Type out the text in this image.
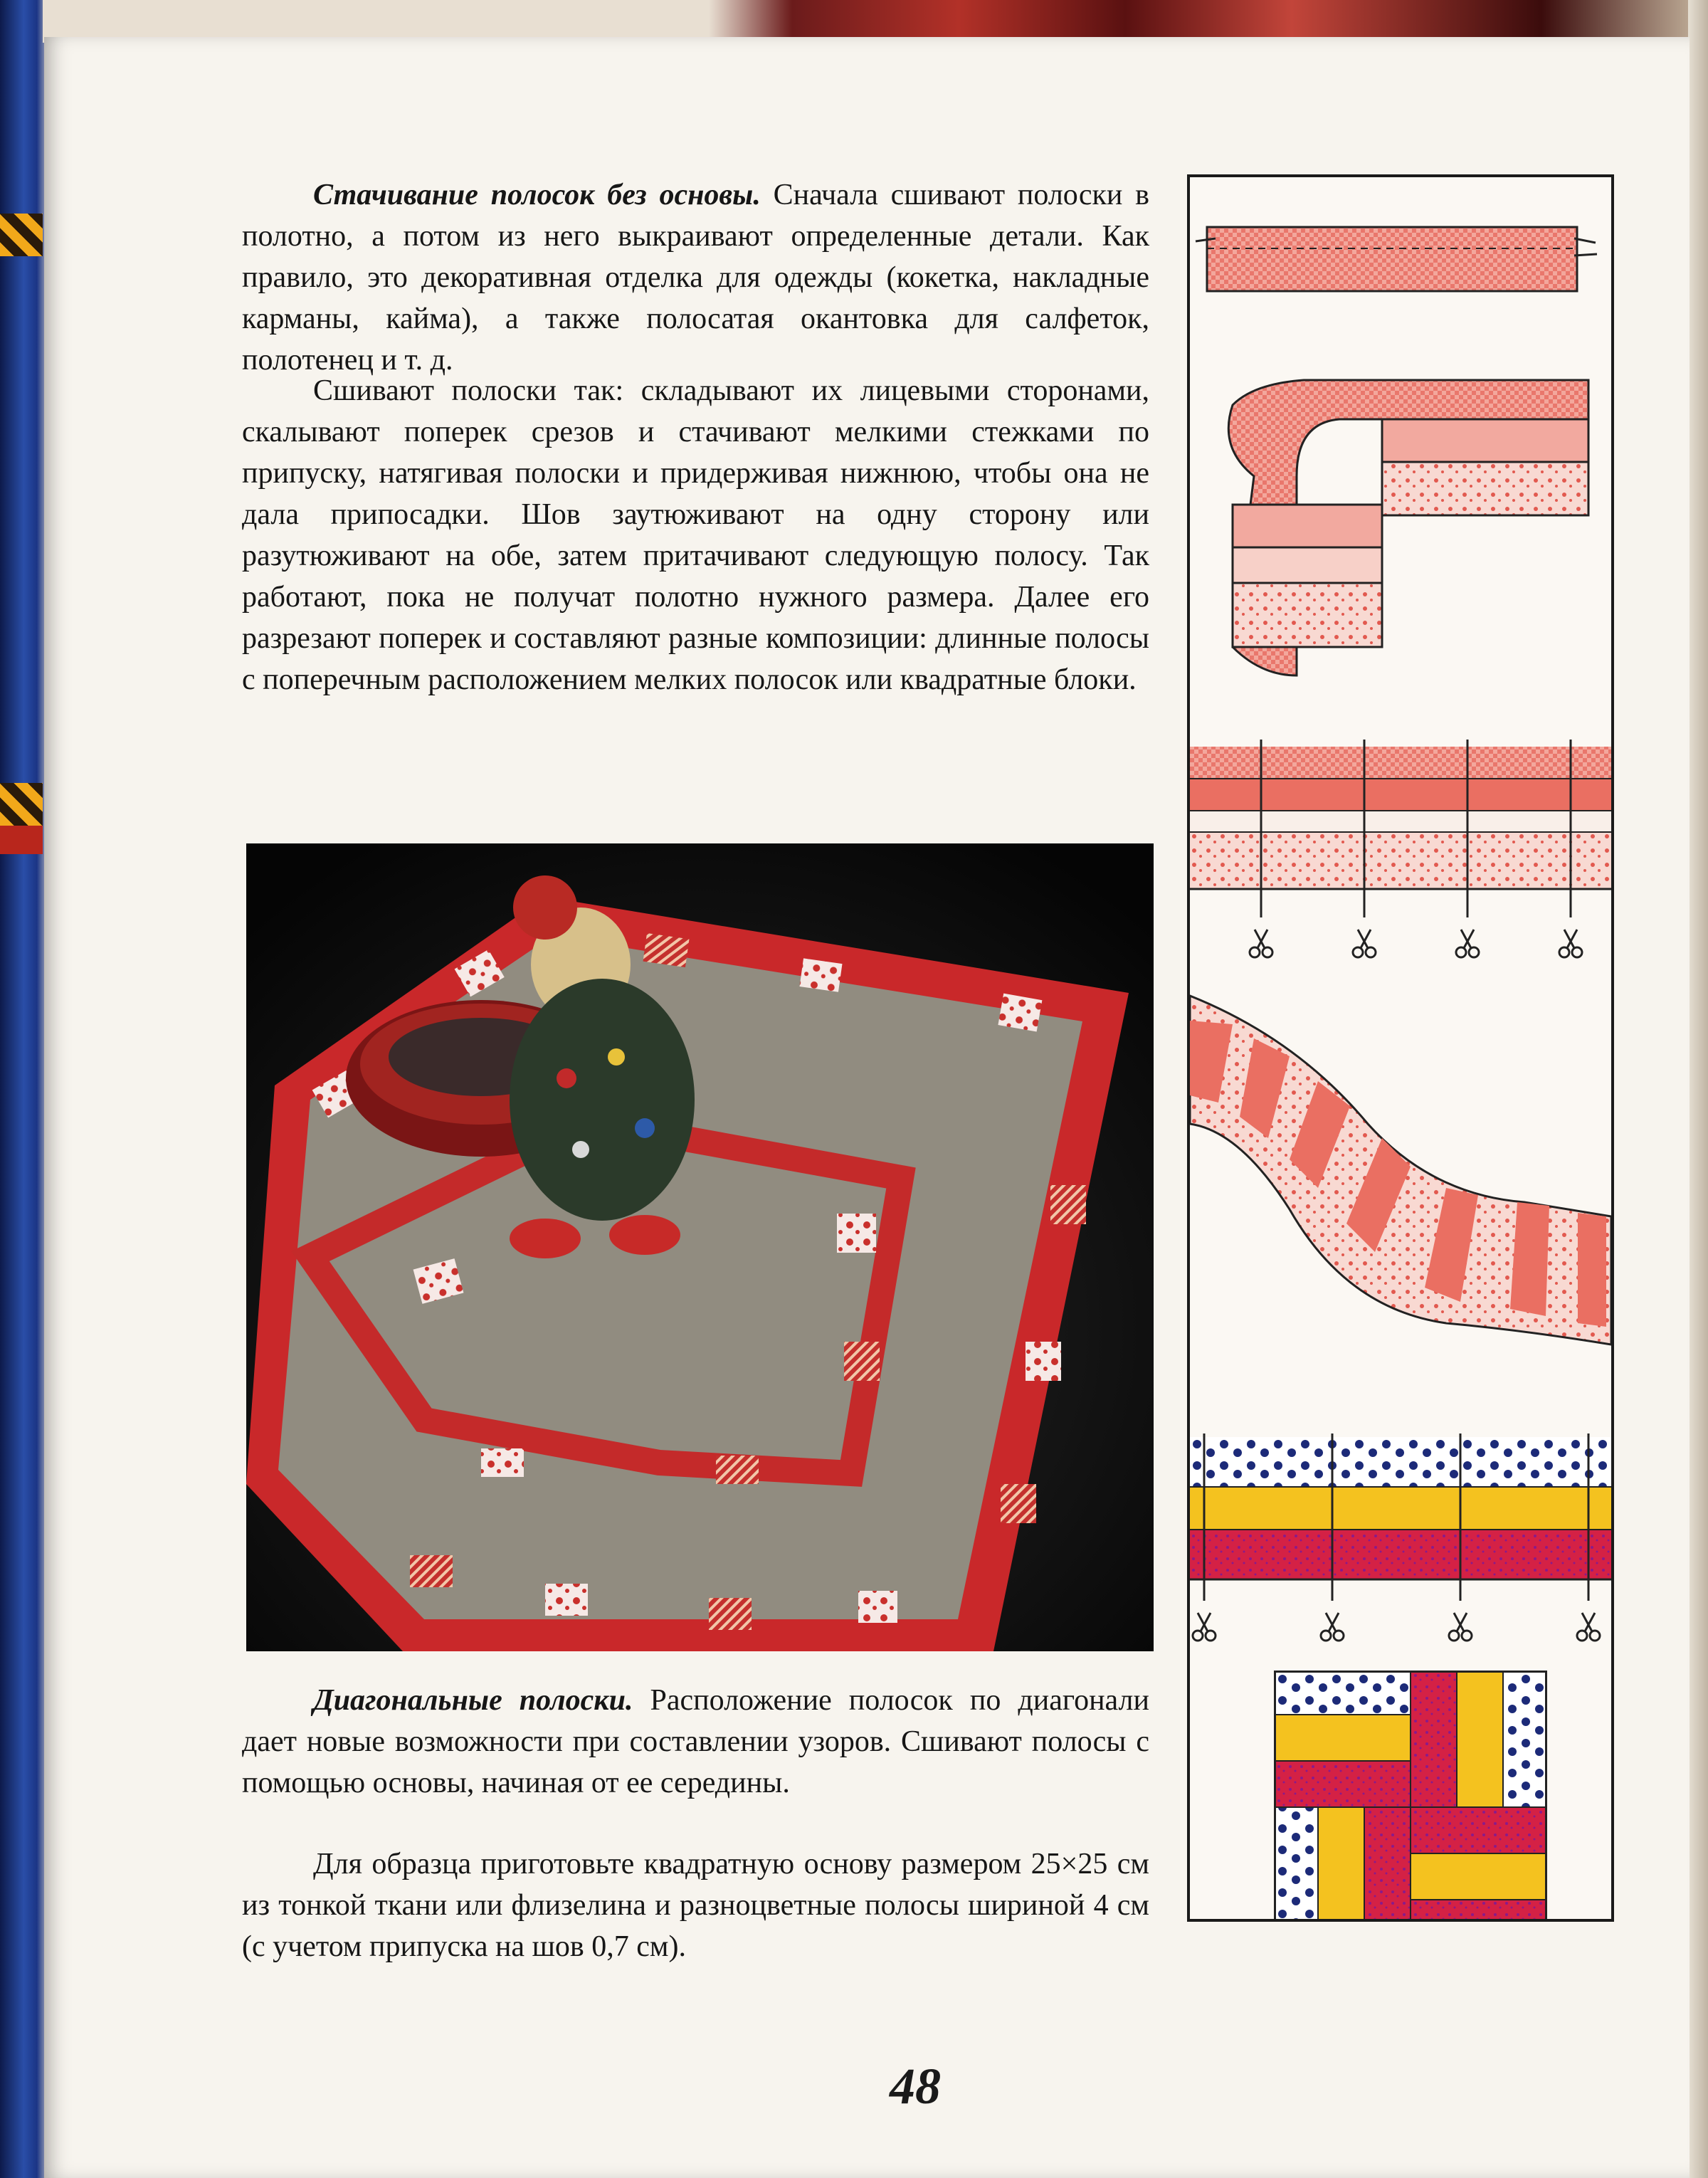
Стачивание полосок без основы. Сначала сшивают полоски в полотно, а потом из него выкраивают определенные детали. Как правило, это декоративная отделка для одежды (кокетка, накладные карманы, кайма), а также полосатая окантовка для салфеток, полотенец и т. д.

Сшивают полоски так: складывают их лицевыми сторонами, скалывают поперек срезов и стачивают мелкими стежками по припуску, натягивая полоски и придерживая нижнюю, чтобы она не дала припосадки. Шов заутюживают на одну сторону или разутюживают на обе, затем притачивают следующую полосу. Так работают, пока не получат полотно нужного размера. Далее его разрезают поперек и составляют разные композиции: длинные полосы с поперечным расположением мелких полосок или квадратные блоки.

Диагональные полоски. Расположение полосок по диагонали дает новые возможности при составлении узоров. Сшивают полосы с помощью основы, начиная от ее середины.

Для образца приготовьте квадратную основу размером 25×25 см из тонкой ткани или флизелина и разноцветные полосы шириной 4 см (с учетом припуска на шов 0,7 см).

48
